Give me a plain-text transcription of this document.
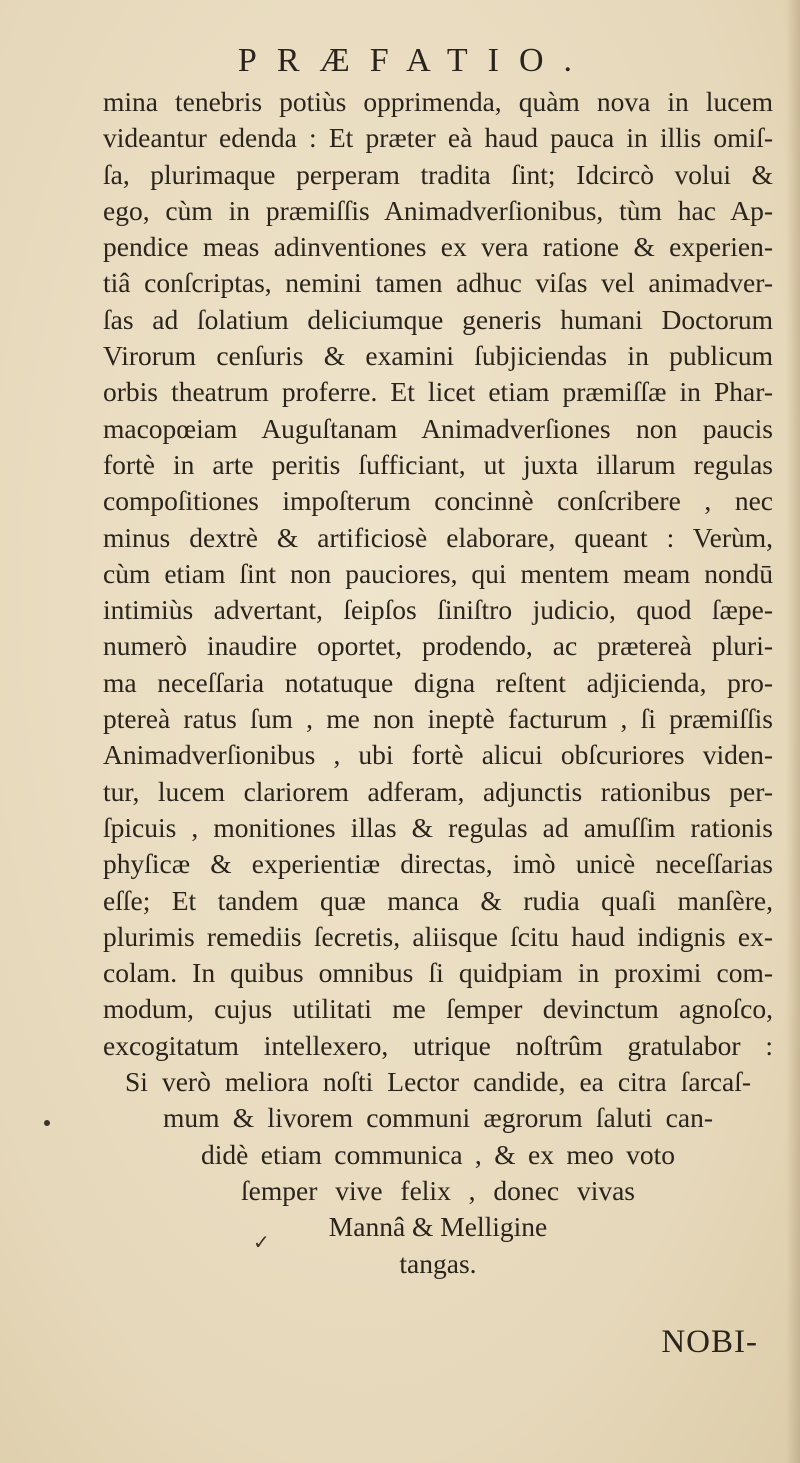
PRÆFATIO.
mina tenebris potiùs opprimenda, quàm nova in lucem
videantur edenda : Et præter eà haud pauca in illis omiſ-
ſa, plurimaque perperam tradita ſint; Idcircò volui &
ego, cùm in præmiſſis Animadverſionibus, tùm hac Ap-
pendice meas adinventiones ex vera ratione & experien-
tiâ conſcriptas, nemini tamen adhuc viſas vel animadver-
ſas ad ſolatium deliciumque generis humani Doctorum
Virorum cenſuris & examini ſubjiciendas in publicum
orbis theatrum proferre. Et licet etiam præmiſſæ in Phar-
macopœiam Auguſtanam Animadverſiones non paucis
fortè in arte peritis ſufficiant, ut juxta illarum regulas
compoſitiones impoſterum concinnè conſcribere , nec
minus dextrè & artificiosè elaborare, queant : Verùm,
cùm etiam ſint non pauciores, qui mentem meam nondū
intimiùs advertant, ſeipſos ſiniſtro judicio, quod ſæpe-
numerò inaudire oportet, prodendo, ac prætereà pluri-
ma neceſſaria notatuque digna reſtent adjicienda, pro-
ptereà ratus ſum , me non ineptè facturum , ſi præmiſſis
Animadverſionibus , ubi fortè alicui obſcuriores viden-
tur, lucem clariorem adferam, adjunctis rationibus per-
ſpicuis , monitiones illas & regulas ad amuſſim rationis
phyſicæ & experientiæ directas, imò unicè neceſſarias
eſſe; Et tandem quæ manca & rudia quaſi manſère,
plurimis remediis ſecretis, aliisque ſcitu haud indignis ex-
colam. In quibus omnibus ſi quidpiam in proximi com-
modum, cujus utilitati me ſemper devinctum agnoſco,
excogitatum intellexero, utrique noſtrûm gratulabor :
Si verò meliora noſti Lector candide, ea citra ſarcaſ-
mum & livorem communi ægrorum ſaluti can-
didè etiam communica , & ex meo voto
ſemper vive felix , donec vivas
Mannâ & Melligine
tangas.
✓
NOBI-
